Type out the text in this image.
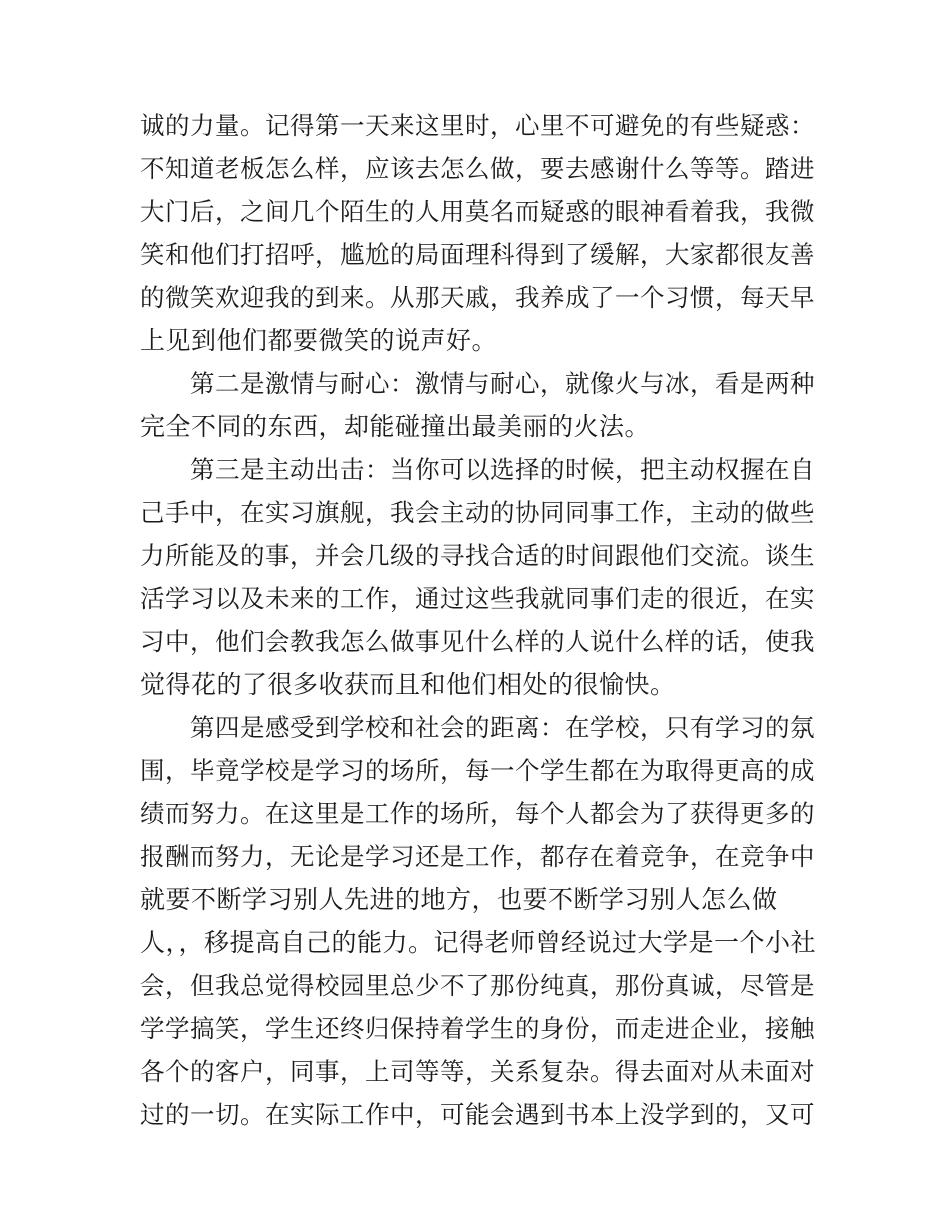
诚的力量。记得第一天来这里时，心里不可避免的有些疑惑：
不知道老板怎么样，应该去怎么做，要去感谢什么等等。踏进
大门后，之间几个陌生的人用莫名而疑惑的眼神看着我，我微
笑和他们打招呼，尴尬的局面理科得到了缓解，大家都很友善
的微笑欢迎我的到来。从那天戚，我养成了一个习惯，每天早
上见到他们都要微笑的说声好。
第二是激情与耐心：激情与耐心，就像火与冰，看是两种
完全不同的东西，却能碰撞出最美丽的火法。
第三是主动出击：当你可以选择的时候，把主动权握在自
己手中，在实习旗舰，我会主动的协同同事工作，主动的做些
力所能及的事，并会几级的寻找合适的时间跟他们交流。谈生
活学习以及未来的工作，通过这些我就同事们走的很近，在实
习中，他们会教我怎么做事见什么样的人说什么样的话，使我
觉得花的了很多收获而且和他们相处的很愉快。
第四是感受到学校和社会的距离：在学校，只有学习的氛
围，毕竟学校是学习的场所，每一个学生都在为取得更高的成
绩而努力。在这里是工作的场所，每个人都会为了获得更多的
报酬而努力，无论是学习还是工作，都存在着竞争，在竞争中
就要不断学习别人先进的地方，也要不断学习别人怎么做
人，，移提高自己的能力。记得老师曾经说过大学是一个小社
会，但我总觉得校园里总少不了那份纯真，那份真诚，尽管是
学学搞笑，学生还终归保持着学生的身份，而走进企业，接触
各个的客户，同事，上司等等，关系复杂。得去面对从未面对
过的一切。在实际工作中，可能会遇到书本上没学到的，又可
